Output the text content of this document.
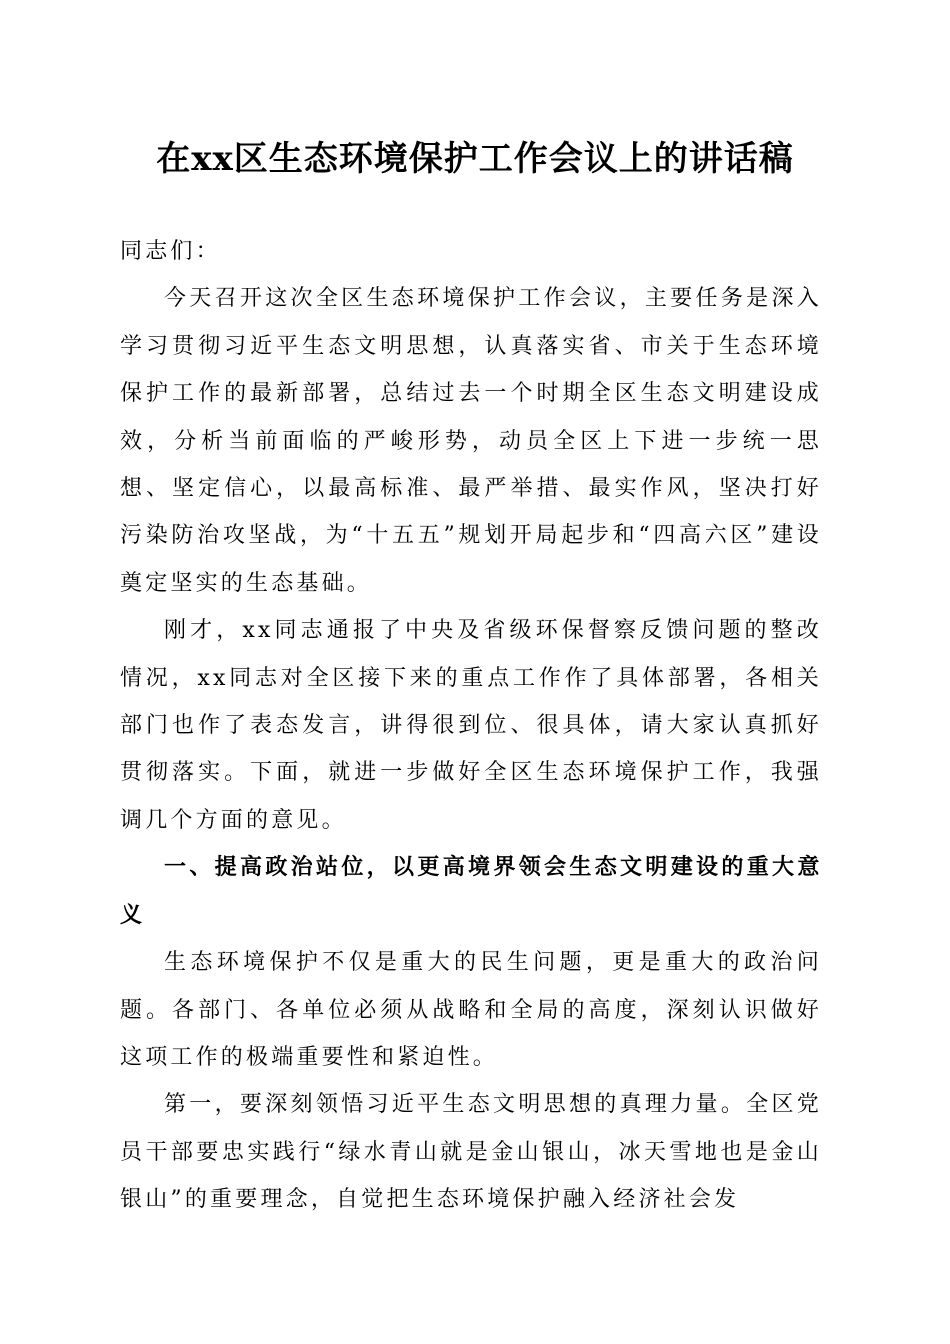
在xx区生态环境保护工作会议上的讲话稿

同志们：

今天召开这次全区生态环境保护工作会议，主要任务是深入学习贯彻习近平生态文明思想，认真落实省、市关于生态环境保护工作的最新部署，总结过去一个时期全区生态文明建设成效，分析当前面临的严峻形势，动员全区上下进一步统一思想、坚定信心，以最高标准、最严举措、最实作风，坚决打好污染防治攻坚战，为“十五五”规划开局起步和“四高六区”建设奠定坚实的生态基础。

刚才，xx同志通报了中央及省级环保督察反馈问题的整改情况，xx同志对全区接下来的重点工作作了具体部署，各相关部门也作了表态发言，讲得很到位、很具体，请大家认真抓好贯彻落实。下面，就进一步做好全区生态环境保护工作，我强调几个方面的意见。

一、提高政治站位，以更高境界领会生态文明建设的重大意义

生态环境保护不仅是重大的民生问题，更是重大的政治问题。各部门、各单位必须从战略和全局的高度，深刻认识做好这项工作的极端重要性和紧迫性。

第一，要深刻领悟习近平生态文明思想的真理力量。全区党员干部要忠实践行“绿水青山就是金山银山，冰天雪地也是金山银山”的重要理念，自觉把生态环境保护融入经济社会发
